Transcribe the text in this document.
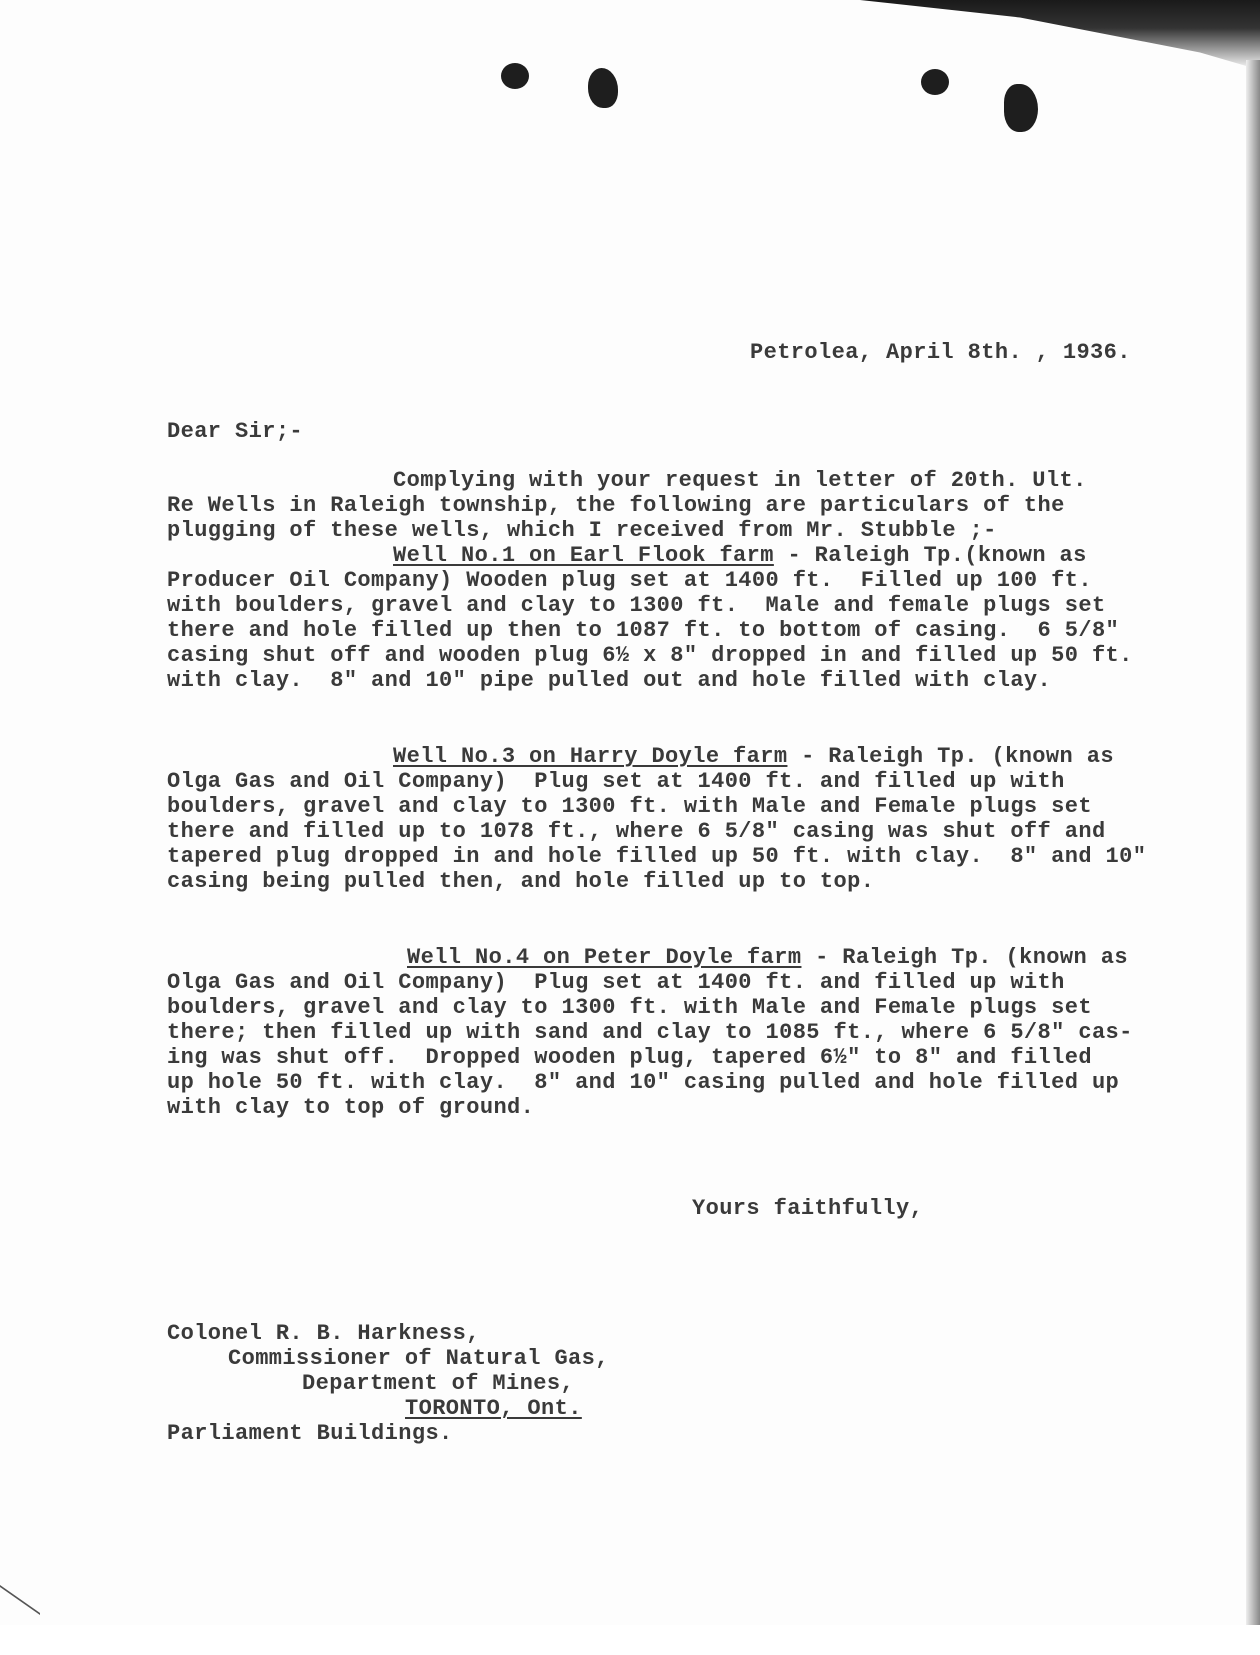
Petrolea, April 8th. , 1936.
Dear Sir;-
Complying with your request in letter of 20th. Ult.
Re Wells in Raleigh township, the following are particulars of the
plugging of these wells, which I received from Mr. Stubble ;-
Well No.1 on Earl Flook farm - Raleigh Tp.(known as
Producer Oil Company) Wooden plug set at 1400 ft.  Filled up 100 ft.
with boulders, gravel and clay to 1300 ft.  Male and female plugs set
there and hole filled up then to 1087 ft. to bottom of casing.  6 5/8"
casing shut off and wooden plug 6½ x 8" dropped in and filled up 50 ft.
with clay.  8" and 10" pipe pulled out and hole filled with clay.
Well No.3 on Harry Doyle farm - Raleigh Tp. (known as
Olga Gas and Oil Company)  Plug set at 1400 ft. and filled up with
boulders, gravel and clay to 1300 ft. with Male and Female plugs set
there and filled up to 1078 ft., where 6 5/8" casing was shut off and
tapered plug dropped in and hole filled up 50 ft. with clay.  8" and 10"
casing being pulled then, and hole filled up to top.
Well No.4 on Peter Doyle farm - Raleigh Tp. (known as
Olga Gas and Oil Company)  Plug set at 1400 ft. and filled up with
boulders, gravel and clay to 1300 ft. with Male and Female plugs set
there; then filled up with sand and clay to 1085 ft., where 6 5/8" cas-
ing was shut off.  Dropped wooden plug, tapered 6½" to 8" and filled
up hole 50 ft. with clay.  8" and 10" casing pulled and hole filled up
with clay to top of ground.
Yours faithfully,
Colonel R. B. Harkness,
Commissioner of Natural Gas,
Department of Mines,
TORONTO, Ont.
Parliament Buildings.
